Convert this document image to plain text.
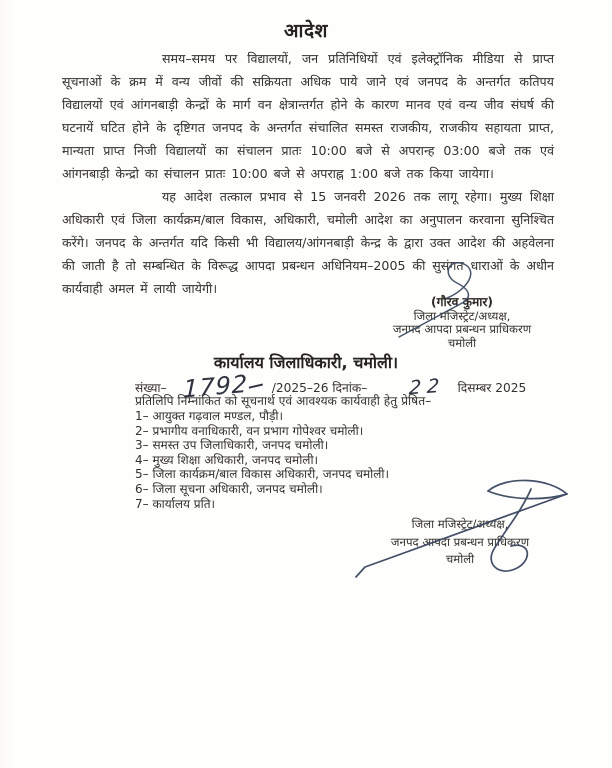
आदेश

समय–समय पर विद्यालयों, जन प्रतिनिधियों एवं इलेक्ट्रॉनिक मीडिया से प्राप्त सूचनाओं के क्रम में वन्य जीवों की सक्रियता अधिक पाये जाने एवं जनपद के अन्तर्गत कतिपय विद्यालयों एवं आंगनबाड़ी केन्द्रों के मार्ग वन क्षेत्रान्तर्गत होने के कारण मानव एवं वन्य जीव संघर्ष की घटनायें घटित होने के दृष्टिगत जनपद के अन्तर्गत संचालित समस्त राजकीय, राजकीय सहायता प्राप्त, मान्यता प्राप्त निजी विद्यालयों का संचालन प्रातः 10:00 बजे से अपरान्ह 03:00 बजे तक एवं आंगनबाड़ी केन्द्रो का संचालन प्रातः 10:00 बजे से अपराह्न 1:00 बजे तक किया जायेगा।

यह आदेश तत्काल प्रभाव से 15 जनवरी 2026 तक लागू रहेगा। मुख्य शिक्षा अधिकारी एवं जिला कार्यक्रम/बाल विकास, अधिकारी, चमोली आदेश का अनुपालन करवाना सुनिश्चित करेंगे। जनपद के अन्तर्गत यदि किसी भी विद्यालय/आंगनबाड़ी केन्द्र के द्वारा उक्त आदेश की अहवेलना की जाती है तो सम्बन्धित के विरूद्ध आपदा प्रबन्धन अधिनियम–2005 की सुसंगत धाराओं के अधीन कार्यवाही अमल में लायी जायेगी।

(गौरव कुमार)
जिला मजिस्ट्रेट/अध्यक्ष,
जनपद आपदा प्रबन्धन प्राधिकरण
चमोली
कार्यालय जिलाधिकारी, चमोली।
संख्या– 1792 /2025–26 दिनांक– 22 दिसम्बर 2025
प्रतिलिपि निम्नांकित को सूचनार्थ एवं आवश्यक कार्यवाही हेतु प्रेषित–
1– आयुक्त गढ़वाल मण्डल, पौड़ी।
2– प्रभागीय वनाधिकारी, वन प्रभाग गोपेश्वर चमोली।
3– समस्त उप जिलाधिकारी, जनपद चमोली।
4– मुख्य शिक्षा अधिकारी, जनपद चमोली।
5– जिला कार्यक्रम/बाल विकास अधिकारी, जनपद चमोली।
6– जिला सूचना अधिकारी, जनपद चमोली।
7– कार्यालय प्रति।
जिला मजिस्ट्रेट/अध्यक्ष,
जनपद आपदा प्रबन्धन प्राधिकरण
चमोली
